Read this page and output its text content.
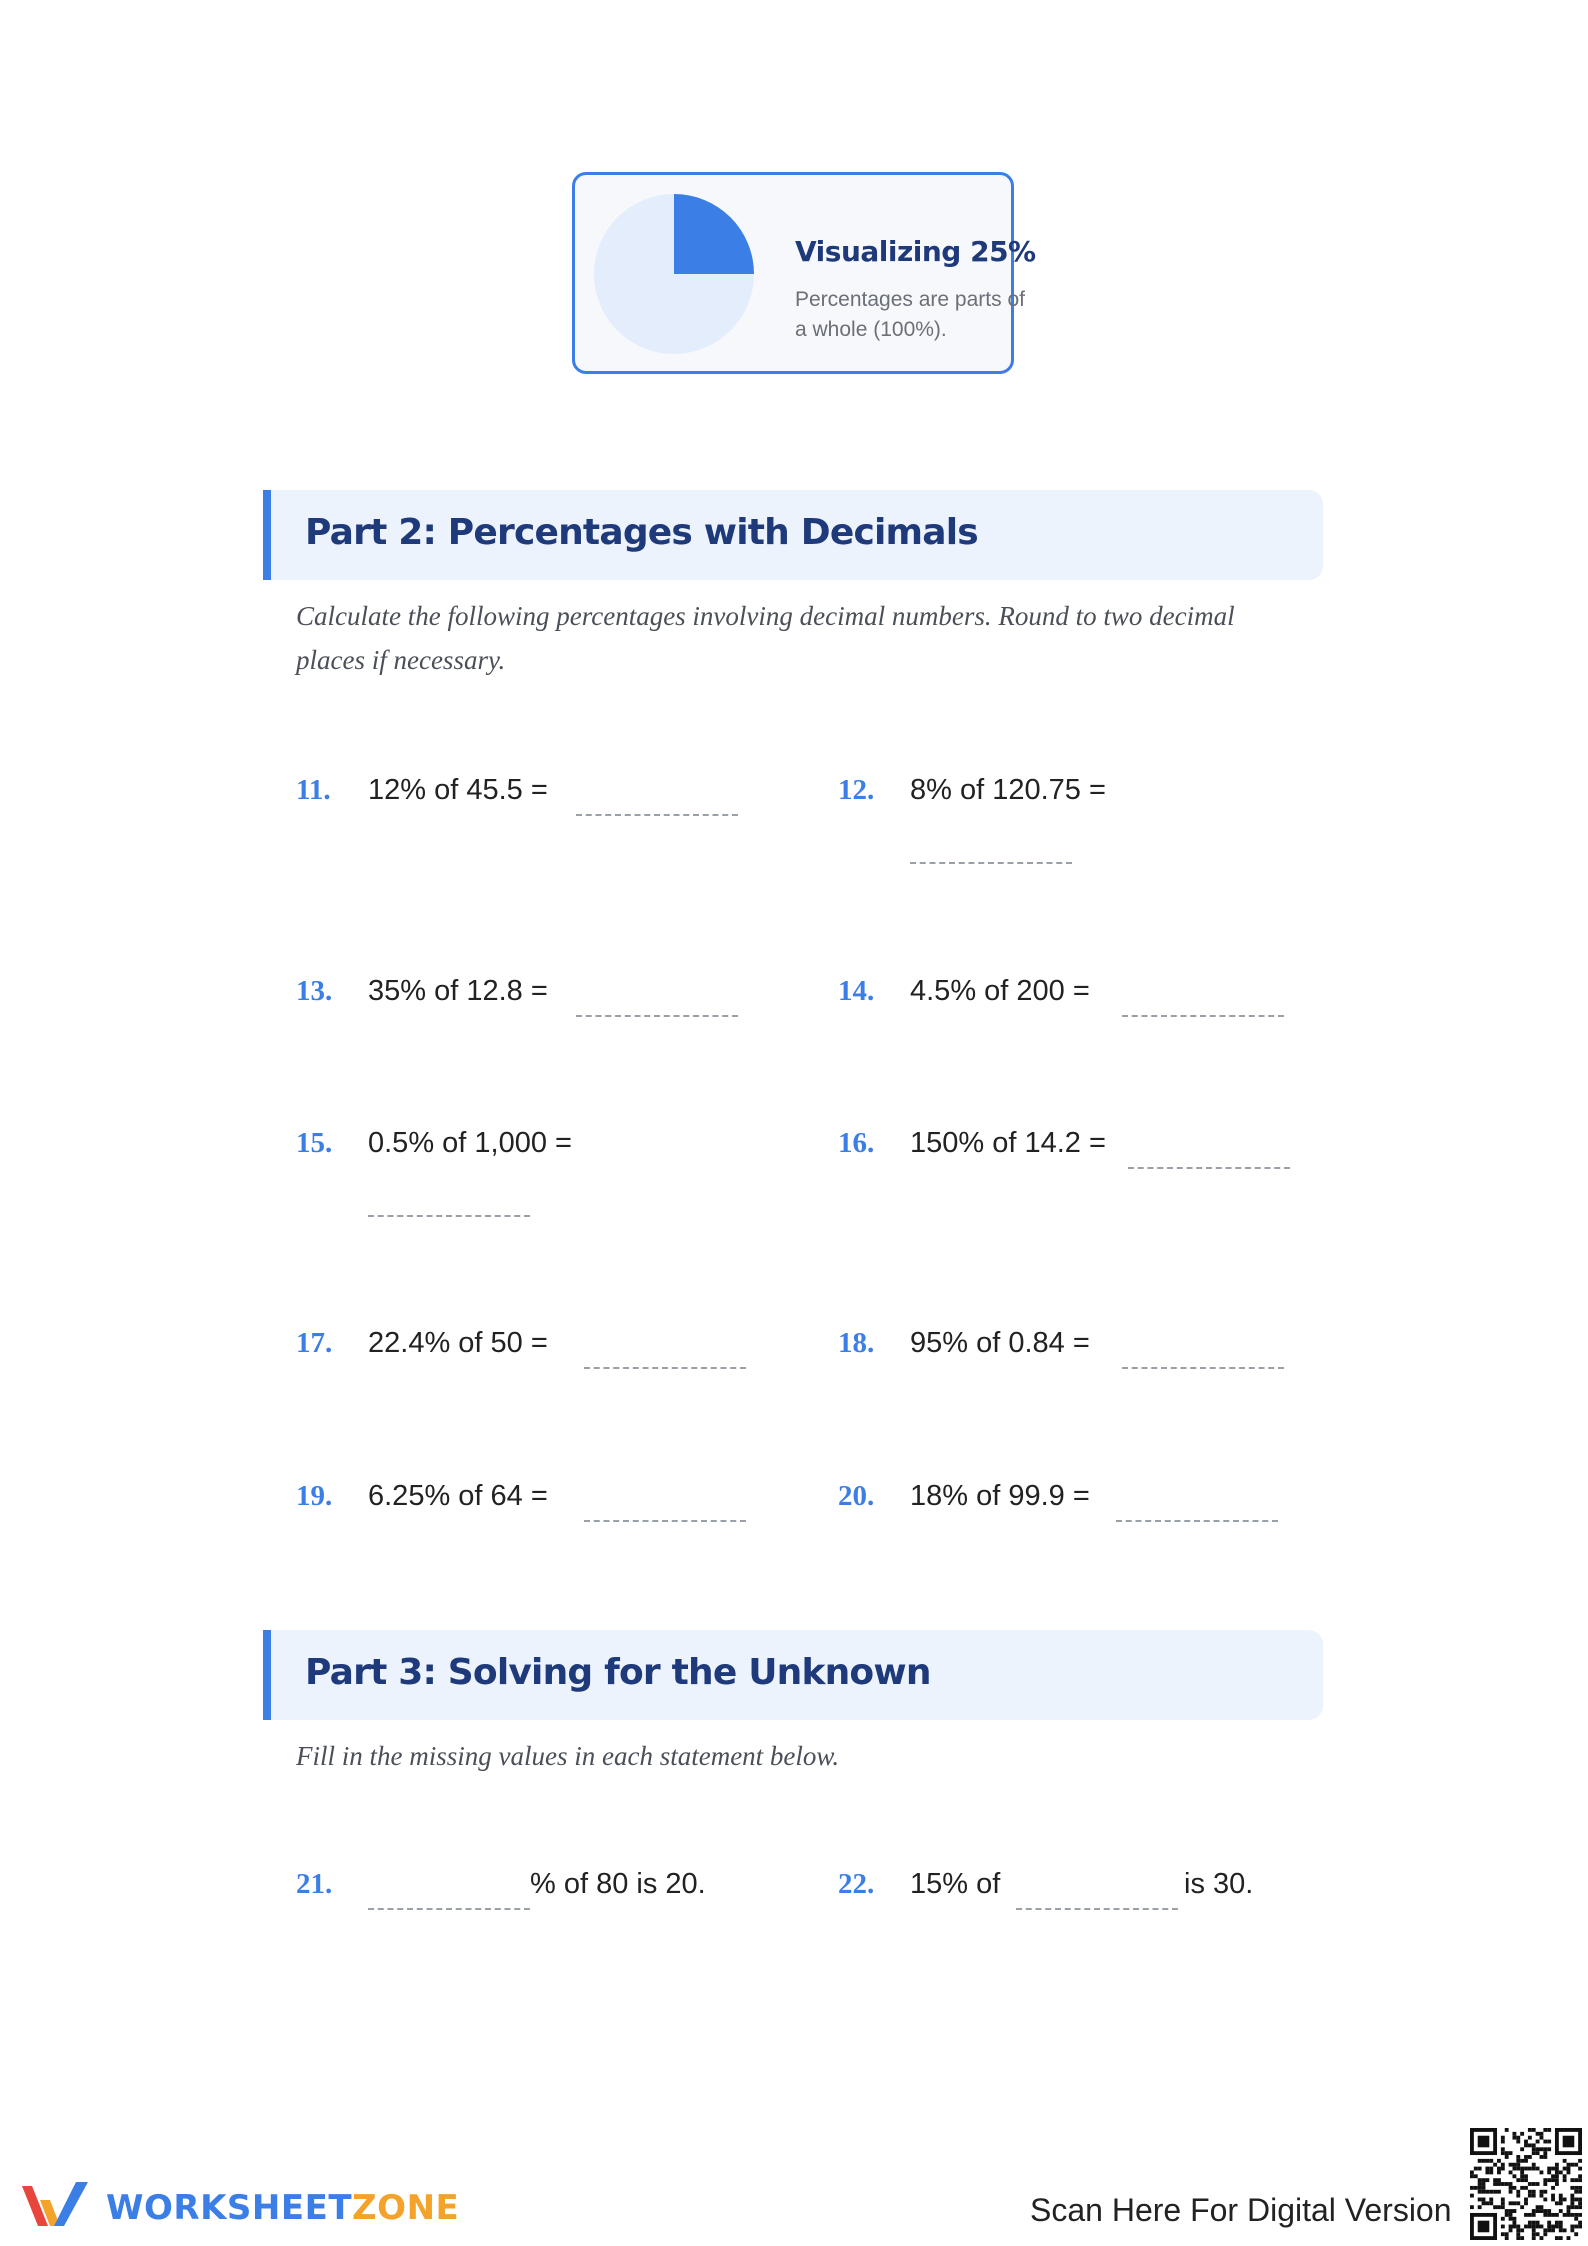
Visualizing 25%
Percentages are parts of a whole (100%).
Part 2: Percentages with Decimals
Calculate the following percentages involving decimal numbers. Round to two decimal places if necessary.
11. 12% of 45.5 =	12. 8% of 120.75 =
13. 35% of 12.8 =	14. 4.5% of 200 =
15. 0.5% of 1,000 =	16. 150% of 14.2 =
17. 22.4% of 50 =	18. 95% of 0.84 =
19. 6.25% of 64 =	20. 18% of 99.9 =
Part 3: Solving for the Unknown
Fill in the missing values in each statement below.
21.	% of 80 is 20.	22. 15% of	is 30.
WORKSHEETZONE	Scan Here For Digital Version
